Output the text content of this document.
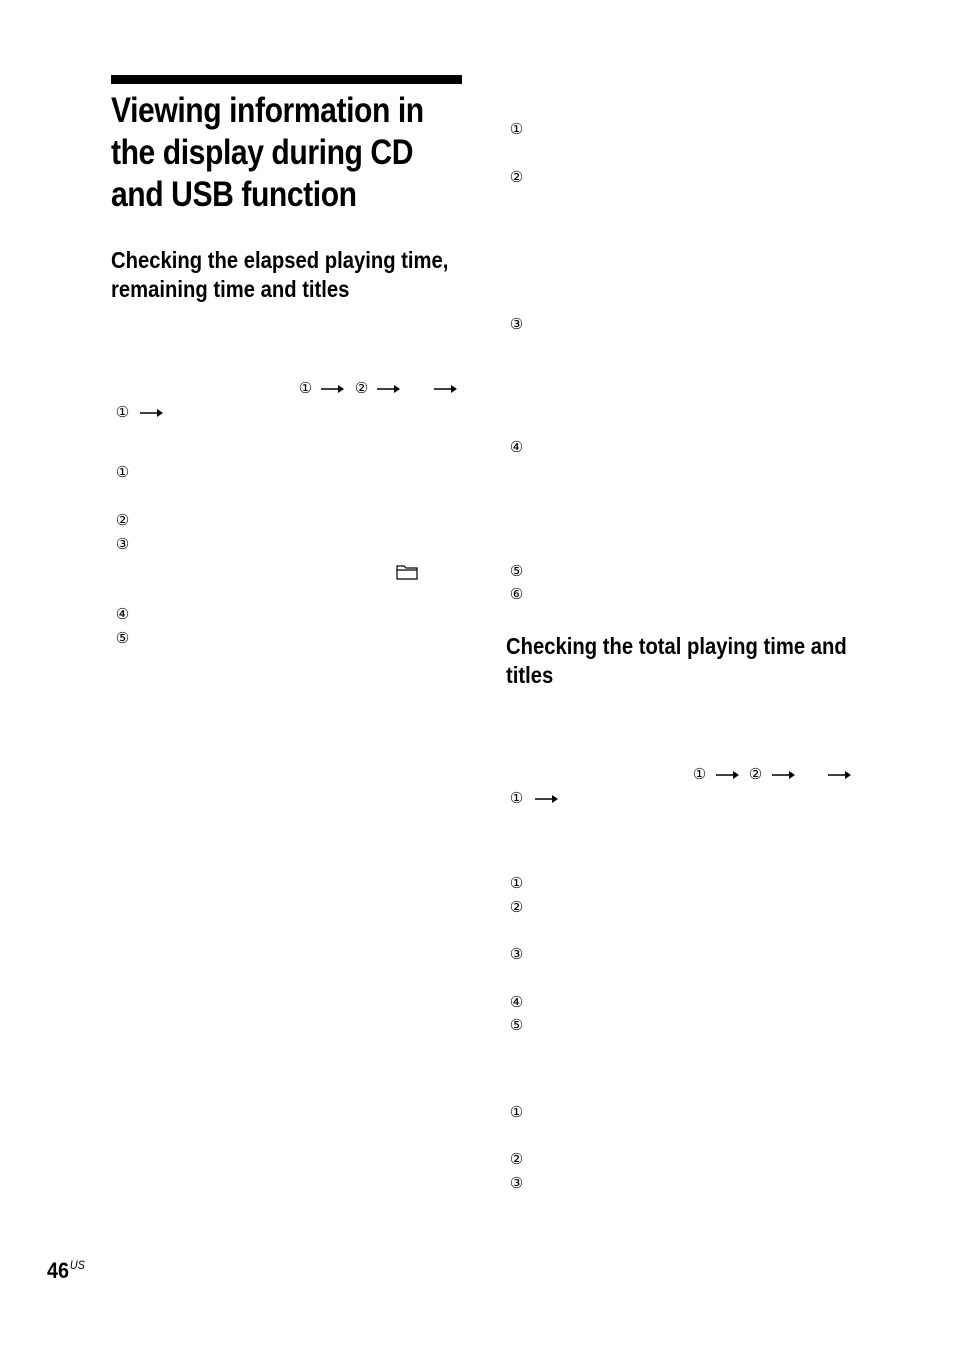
Viewing information in
the display during CD
and USB function
Checking the elapsed playing time,
remaining time and titles
Checking the total playing time and
titles
①	②
①
①
②
③
④
⑤
①
②
③
④
⑤
⑥
①	②
①
①
②
③
④
⑤
①
②
③
$46^{US}$
